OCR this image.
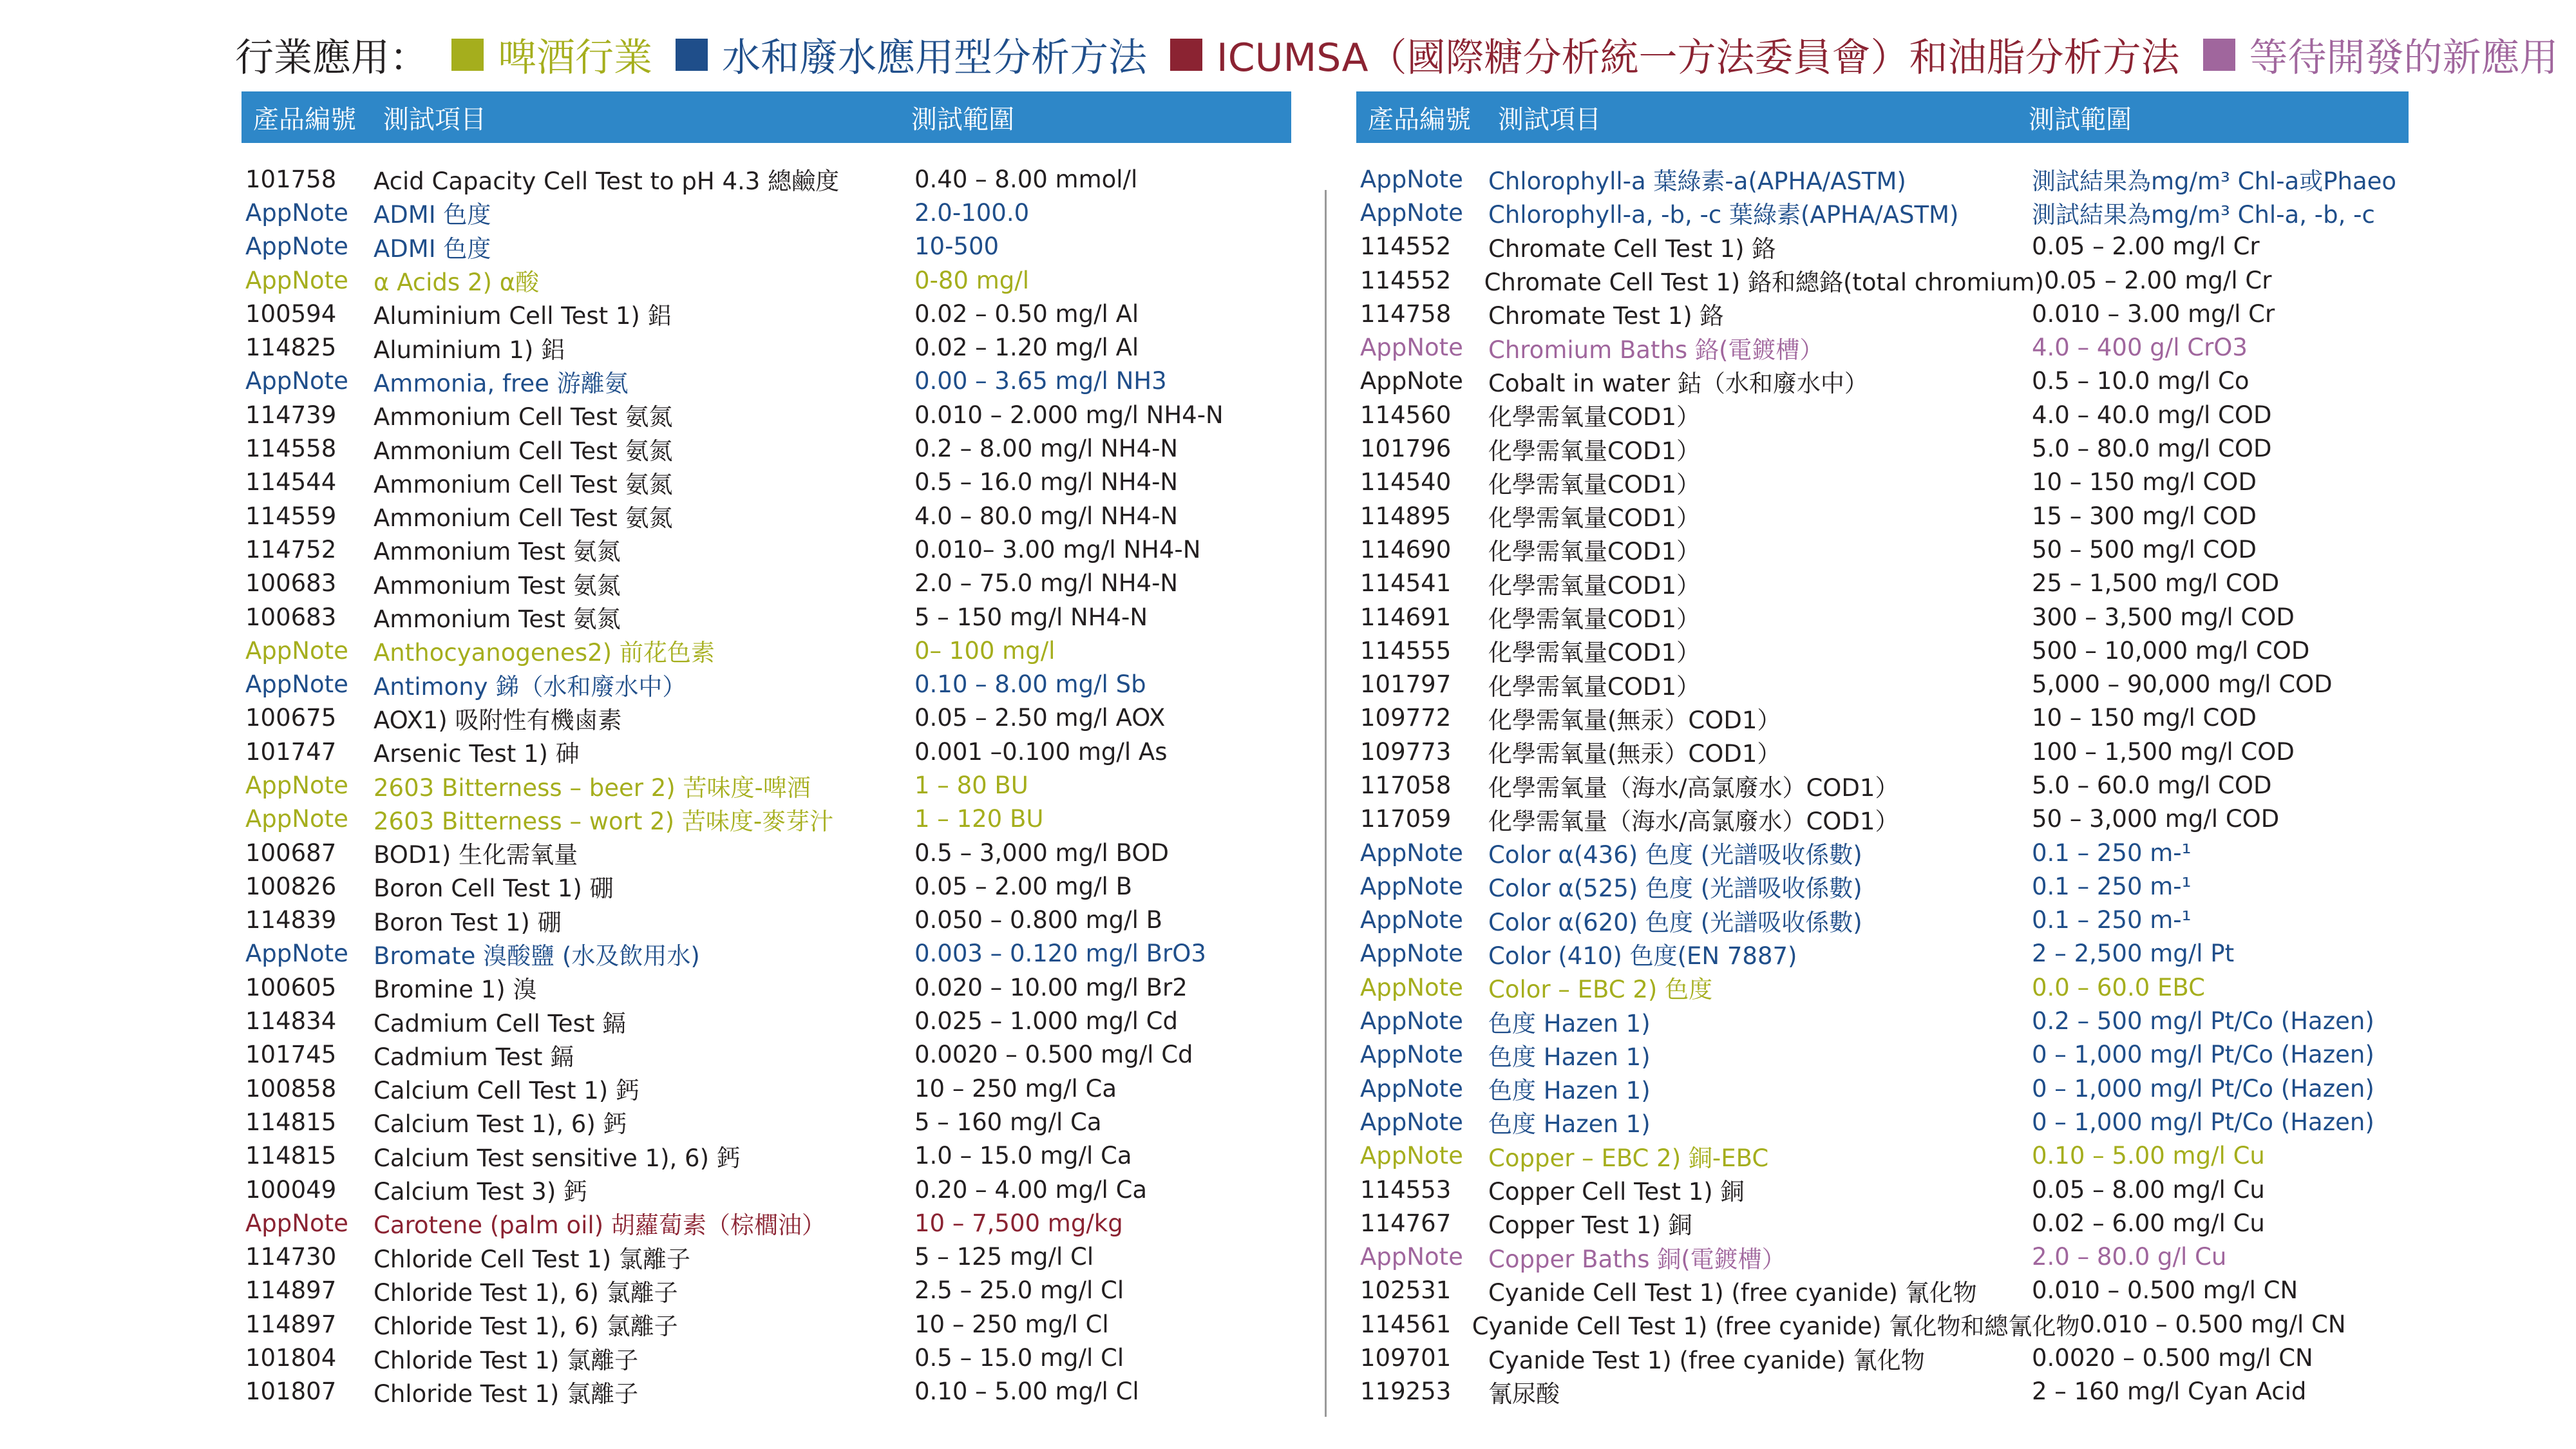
行業應用： 啤酒行業 水和廢水應用型分析方法 ICUMSA（國際糖分析統一方法委員會）和油脂分析方法 等待開發的新應用
產品編號	測試項目	測試範圍
101758	Acid Capacity Cell Test to pH 4.3 總鹼度	0.40 – 8.00 mmol/l
AppNote	ADMI 色度	2.0-100.0
AppNote	ADMI 色度	10-500
AppNote	α Acids 2) α酸	0-80 mg/l
100594	Aluminium Cell Test 1) 鋁	0.02 – 0.50 mg/l Al
114825	Aluminium 1) 鋁	0.02 – 1.20 mg/l Al
AppNote	Ammonia, free 游離氨	0.00 – 3.65 mg/l NH3
114739	Ammonium Cell Test 氨氮	0.010 – 2.000 mg/l NH4-N
114558	Ammonium Cell Test 氨氮	0.2 – 8.00 mg/l NH4-N
114544	Ammonium Cell Test 氨氮	0.5 – 16.0 mg/l NH4-N
114559	Ammonium Cell Test 氨氮	4.0 – 80.0 mg/l NH4-N
114752	Ammonium Test 氨氮	0.010– 3.00 mg/l NH4-N
100683	Ammonium Test 氨氮	2.0 – 75.0 mg/l NH4-N
100683	Ammonium Test 氨氮	5 – 150 mg/l NH4-N
AppNote	Anthocyanogenes2) 前花色素	0– 100 mg/l
AppNote	Antimony 銻（水和廢水中）	0.10 – 8.00 mg/l Sb
100675	AOX1) 吸附性有機鹵素	0.05 – 2.50 mg/l AOX
101747	Arsenic Test 1) 砷	0.001 –0.100 mg/l As
AppNote	2603 Bitterness – beer 2) 苦味度-啤酒	1 – 80 BU
AppNote	2603 Bitterness – wort 2) 苦味度-麥芽汁	1 – 120 BU
100687	BOD1) 生化需氧量	0.5 – 3,000 mg/l BOD
100826	Boron Cell Test 1) 硼	0.05 – 2.00 mg/l B
114839	Boron Test 1) 硼	0.050 – 0.800 mg/l B
AppNote	Bromate 溴酸鹽 (水及飲用水)	0.003 – 0.120 mg/l BrO3
100605	Bromine 1) 溴	0.020 – 10.00 mg/l Br2
114834	Cadmium Cell Test 鎘	0.025 – 1.000 mg/l Cd
101745	Cadmium Test 鎘	0.0020 – 0.500 mg/l Cd
100858	Calcium Cell Test 1) 鈣	10 – 250 mg/l Ca
114815	Calcium Test 1), 6) 鈣	5 – 160 mg/l Ca
114815	Calcium Test sensitive 1), 6) 鈣	1.0 – 15.0 mg/l Ca
100049	Calcium Test 3) 鈣	0.20 – 4.00 mg/l Ca
AppNote	Carotene (palm oil) 胡蘿蔔素（棕櫚油）	10 – 7,500 mg/kg
114730	Chloride Cell Test 1) 氯離子	5 – 125 mg/l Cl
114897	Chloride Test 1), 6) 氯離子	2.5 – 25.0 mg/l Cl
114897	Chloride Test 1), 6) 氯離子	10 – 250 mg/l Cl
101804	Chloride Test 1) 氯離子	0.5 – 15.0 mg/l Cl
101807	Chloride Test 1) 氯離子	0.10 – 5.00 mg/l Cl
產品編號	測試項目	測試範圍
AppNote	Chlorophyll-a 葉綠素-a(APHA/ASTM)	測試結果為mg/m³ Chl-a或Phaeo
AppNote	Chlorophyll-a, -b, -c 葉綠素(APHA/ASTM)	測試結果為mg/m³ Chl-a, -b, -c
114552	Chromate Cell Test 1) 鉻	0.05 – 2.00 mg/l Cr
114552	Chromate Cell Test 1) 鉻和總鉻(total chromium) 0.05 – 2.00 mg/l Cr
114758	Chromate Test 1) 鉻	0.010 – 3.00 mg/l Cr
AppNote	Chromium Baths 鉻(電鍍槽）	4.0 – 400 g/l CrO3
AppNote	Cobalt in water 鈷（水和廢水中）	0.5 – 10.0 mg/l Co
114560	化學需氧量COD1）	4.0 – 40.0 mg/l COD
101796	化學需氧量COD1）	5.0 – 80.0 mg/l COD
114540	化學需氧量COD1）	10 – 150 mg/l COD
114895	化學需氧量COD1）	15 – 300 mg/l COD
114690	化學需氧量COD1）	50 – 500 mg/l COD
114541	化學需氧量COD1）	25 – 1,500 mg/l COD
114691	化學需氧量COD1）	300 – 3,500 mg/l COD
114555	化學需氧量COD1）	500 – 10,000 mg/l COD
101797	化學需氧量COD1）	5,000 – 90,000 mg/l COD
109772	化學需氧量(無汞）COD1）	10 – 150 mg/l COD
109773	化學需氧量(無汞）COD1）	100 – 1,500 mg/l COD
117058	化學需氧量（海水/高氯廢水）COD1）	5.0 – 60.0 mg/l COD
117059	化學需氧量（海水/高氯廢水）COD1）	50 – 3,000 mg/l COD
AppNote	Color α(436) 色度 (光譜吸收係數)	0.1 – 250 m-¹
AppNote	Color α(525) 色度 (光譜吸收係數)	0.1 – 250 m-¹
AppNote	Color α(620) 色度 (光譜吸收係數)	0.1 – 250 m-¹
AppNote	Color (410) 色度(EN 7887)	2 – 2,500 mg/l Pt
AppNote	Color – EBC 2) 色度	0.0 – 60.0 EBC
AppNote	色度 Hazen 1)	0.2 – 500 mg/l Pt/Co (Hazen)
AppNote	色度 Hazen 1)	0 – 1,000 mg/l Pt/Co (Hazen)
AppNote	色度 Hazen 1)	0 – 1,000 mg/l Pt/Co (Hazen)
AppNote	色度 Hazen 1)	0 – 1,000 mg/l Pt/Co (Hazen)
AppNote	Copper – EBC 2) 銅-EBC	0.10 – 5.00 mg/l Cu
114553	Copper Cell Test 1) 銅	0.05 – 8.00 mg/l Cu
114767	Copper Test 1) 銅	0.02 – 6.00 mg/l Cu
AppNote	Copper Baths 銅(電鍍槽）	2.0 – 80.0 g/l Cu
102531	Cyanide Cell Test 1) (free cyanide) 氰化物	0.010 – 0.500 mg/l CN
114561 Cyanide Cell Test 1) (free cyanide) 氰化物和總氰化物 0.010 – 0.500 mg/l CN
109701	Cyanide Test 1) (free cyanide) 氰化物	0.0020 – 0.500 mg/l CN
119253	氰尿酸	2 – 160 mg/l Cyan Acid
